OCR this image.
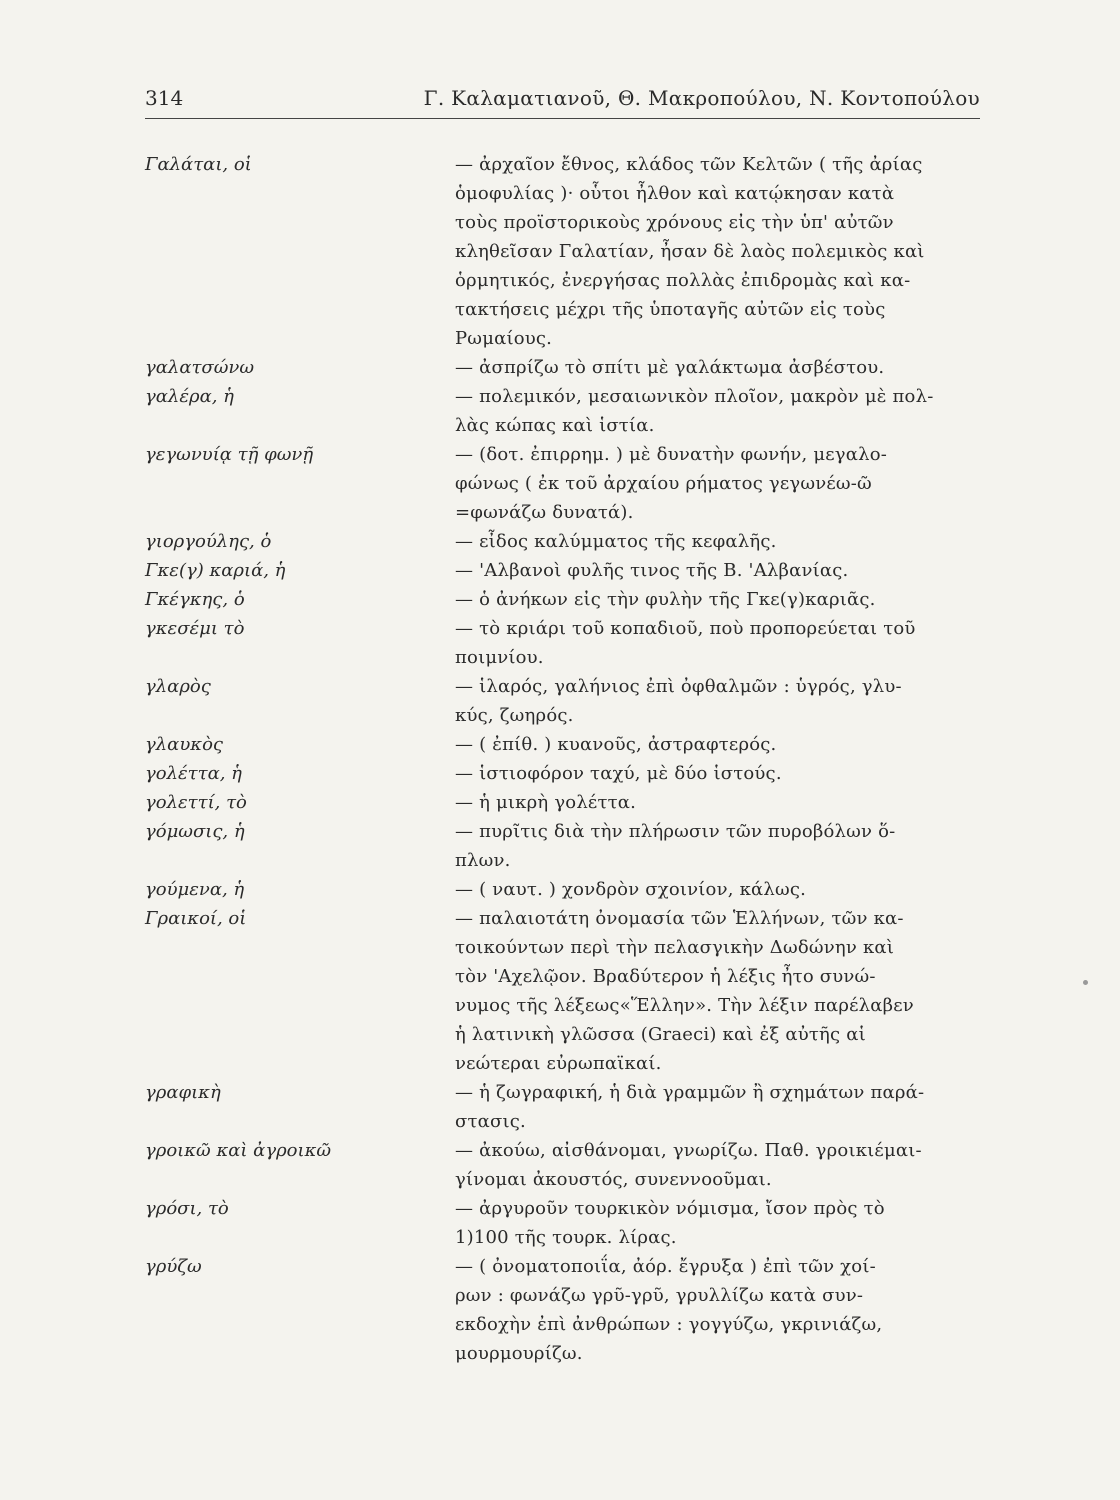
314	Γ. Καλαματιανοῦ, Θ. Μακροπούλου, Ν. Κοντοπούλου
Γαλάται, οἱ	— ἀρχαῖον ἔθνος, κλάδος τῶν Κελτῶν ( τῆς ἀρίας
ὁμοφυλίας )· οὗτοι ἦλθον καὶ κατῴκησαν κατὰ
τοὺς προϊστορικοὺς χρόνους εἰς τὴν ὑπ' αὐτῶν
κληθεῖσαν Γαλατίαν, ἦσαν δὲ λαὸς πολεμικὸς καὶ
ὁρμητικός, ἐνεργήσας πολλὰς ἐπιδρομὰς καὶ κα-
τακτήσεις μέχρι τῆς ὑποταγῆς αὐτῶν εἰς τοὺς
Ρωμαίους.
γαλατσώνω	— ἀσπρίζω τὸ σπίτι μὲ γαλάκτωμα ἀσβέστου.
γαλέρα, ἡ	— πολεμικόν, μεσαιωνικὸν πλοῖον, μακρὸν μὲ πολ-
λὰς κώπας καὶ ἱστία.
γεγωνυίᾳ τῇ φωνῇ	— (δοτ. ἐπιρρημ. ) μὲ δυνατὴν φωνήν, μεγαλο-
φώνως ( ἐκ τοῦ ἀρχαίου ρήματος γεγωνέω-ῶ
=φωνάζω δυνατά).
γιοργούλης, ὁ	— εἶδος καλύμματος τῆς κεφαλῆς.
Γκε(γ) καριά, ἡ	— 'Αλβανοὶ φυλῆς τινος τῆς Β. 'Αλβανίας.
Γκέγκης, ὁ	— ὁ ἀνήκων εἰς τὴν φυλὴν τῆς Γκε(γ)καριᾶς.
γκεσέμι τὸ	— τὸ κριάρι τοῦ κοπαδιοῦ, ποὺ προπορεύεται τοῦ
ποιμνίου.
γλαρὸς	— ἱλαρός, γαλήνιος ἐπὶ ὀφθαλμῶν : ὑγρός, γλυ-
κύς, ζωηρός.
γλαυκὸς	— ( ἐπίθ. ) κυανοῦς, ἀστραφτερός.
γολέττα, ἡ	— ἱστιοφόρον ταχύ, μὲ δύο ἱστούς.
γολεττί, τὸ	— ἡ μικρὴ γολέττα.
γόμωσις, ἡ	— πυρῖτις διὰ τὴν πλήρωσιν τῶν πυροβόλων ὅ-
πλων.
γούμενα, ἡ	— ( ναυτ. ) χονδρὸν σχοινίον, κάλως.
Γραικοί, οἱ	— παλαιοτάτη ὀνομασία τῶν Ἑλλήνων, τῶν κα-
τοικούντων περὶ τὴν πελασγικὴν Δωδώνην καὶ
τὸν 'Αχελῷον. Βραδύτερον ἡ λέξις ἦτο συνώ-
νυμος τῆς λέξεως«Ἕλλην». Τὴν λέξιν παρέλαβεν
ἡ λατινικὴ γλῶσσα (Graeci) καὶ ἐξ αὐτῆς αἱ
νεώτεραι εὐρωπαϊκαί.
γραφικὴ	— ἡ ζωγραφική, ἡ διὰ γραμμῶν ἢ σχημάτων παρά-
στασις.
γροικῶ καὶ ἀγροικῶ	— ἀκούω, αἰσθάνομαι, γνωρίζω. Παθ. γροικιέμαι-
γίνομαι ἀκουστός, συνεννοοῦμαι.
γρόσι, τὸ	— ἀργυροῦν τουρκικὸν νόμισμα, ἴσον πρὸς τὸ
1)100 τῆς τουρκ. λίρας.
γρύζω	— ( ὀνοματοποιΐα, ἀόρ. ἔγρυξα ) ἐπὶ τῶν χοί-
ρων : φωνάζω γρῦ-γρῦ, γρυλλίζω κατὰ συν-
εκδοχὴν ἐπὶ ἀνθρώπων : γογγύζω, γκρινιάζω,
μουρμουρίζω.
